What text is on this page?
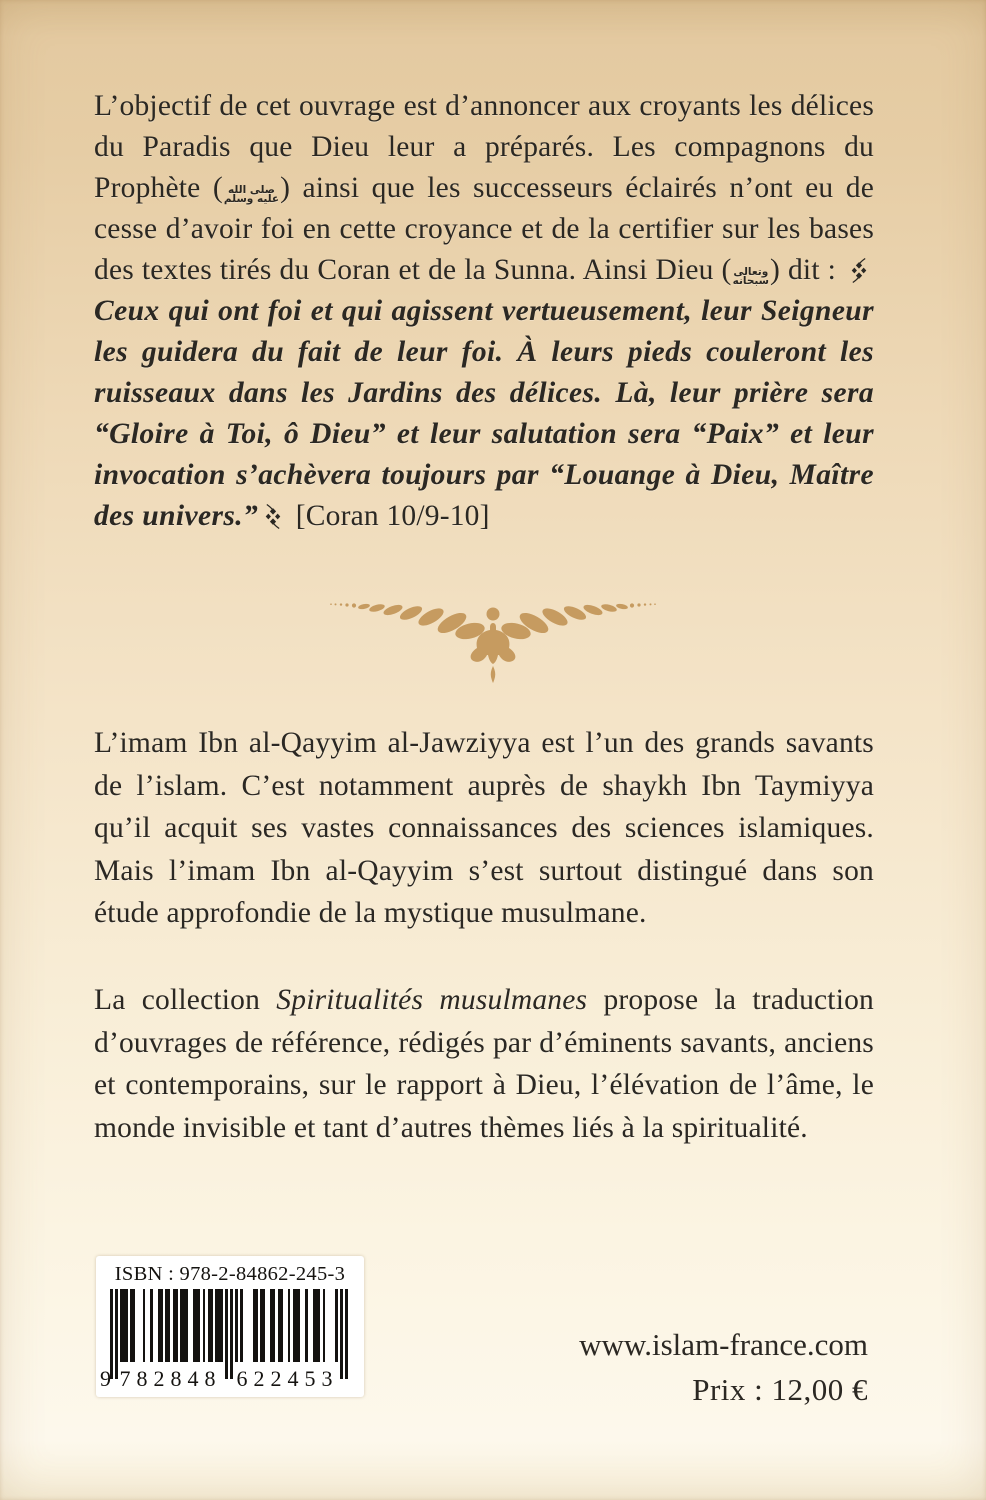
L’objectif de cet ouvrage est d’annoncer aux croyants les délices du Paradis que Dieu leur a préparés. Les compagnons du Prophète ( صلى الله
عليه وسلم ) ainsi que les successeurs éclairés n’ont eu de cesse d’avoir foi en cette croyance et de la certifier sur les bases des textes tirés du Coran et de la Sunna. Ainsi Dieu ( وتعالى
سبحانه ) dit : Ceux qui ont foi et qui agissent vertueusement, leur Seigneur les guidera du fait de leur foi. À leurs pieds couleront les ruisseaux dans les Jardins des délices. Là, leur prière sera “Gloire à Toi, ô Dieu” et leur salutation sera “Paix” et leur invocation s’achèvera toujours par “Louange à Dieu, Maître des univers.” [Coran 10/9-10]
L’imam Ibn al-Qayyim al-Jawziyya est l’un des grands savants de l’islam. C’est notamment auprès de shaykh Ibn Taymiyya qu’il acquit ses vastes connaissances des sciences islamiques. Mais l’imam Ibn al-Qayyim s’est surtout distingué dans son étude approfondie de la mystique musulmane.
La collection Spiritualités musulmanes propose la traduction d’ouvrages de référence, rédigés par d’éminents savants, anciens et contemporains, sur le rapport à Dieu, l’élévation de l’âme, le monde invisible et tant d’autres thèmes liés à la spiritualité.
ISBN : 978-2-84862-245-3
9 782848 622453
www.islam-france.com
Prix : 12,00 €
